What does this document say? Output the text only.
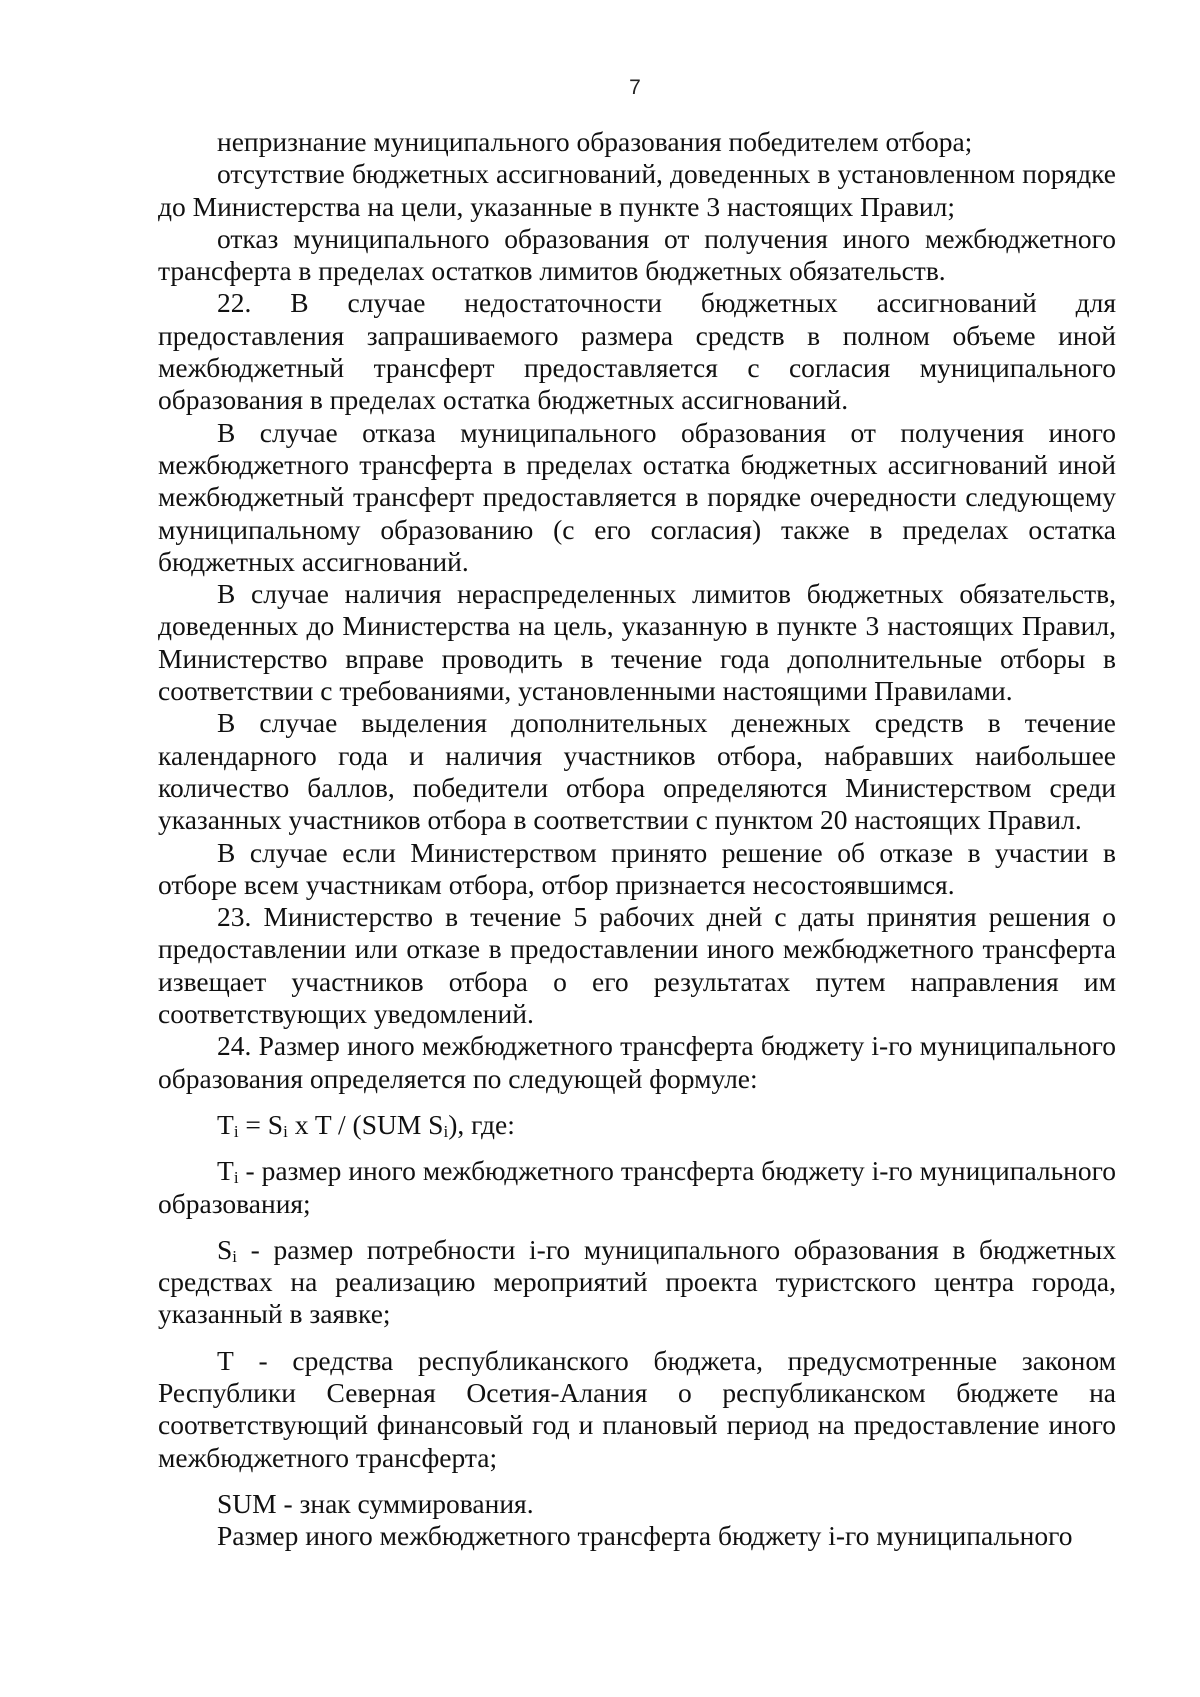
7

непризнание муниципального образования победителем отбора;

отсутствие бюджетных ассигнований, доведенных в установленном порядке до Министерства на цели, указанные в пункте 3 настоящих Правил;

отказ муниципального образования от получения иного межбюджетного трансферта в пределах остатков лимитов бюджетных обязательств.

22. В случае недостаточности бюджетных ассигнований для предоставления запрашиваемого размера средств в полном объеме иной межбюджетный трансферт предоставляется с согласия муниципального образования в пределах остатка бюджетных ассигнований.

В случае отказа муниципального образования от получения иного межбюджетного трансферта в пределах остатка бюджетных ассигнований иной межбюджетный трансферт предоставляется в порядке очередности следующему муниципальному образованию (с его согласия) также в пределах остатка бюджетных ассигнований.

В случае наличия нераспределенных лимитов бюджетных обязательств, доведенных до Министерства на цель, указанную в пункте 3 настоящих Правил, Министерство вправе проводить в течение года дополнительные отборы в соответствии с требованиями, установленными настоящими Правилами.

В случае выделения дополнительных денежных средств в течение календарного года и наличия участников отбора, набравших наибольшее количество баллов, победители отбора определяются Министерством среди указанных участников отбора в соответствии с пунктом 20 настоящих Правил.

В случае если Министерством принято решение об отказе в участии в отборе всем участникам отбора, отбор признается несостоявшимся.

23. Министерство в течение 5 рабочих дней с даты принятия решения о предоставлении или отказе в предоставлении иного межбюджетного трансферта извещает участников отбора о его результатах путем направления им соответствующих уведомлений.

24. Размер иного межбюджетного трансферта бюджету i-го муниципального образования определяется по следующей формуле:

$T_i = S_i$ x T / (SUM $S_i$), где:

$T_i$ - размер иного межбюджетного трансферта бюджету i-го муниципального образования;

$S_i$ - размер потребности i-го муниципального образования в бюджетных средствах на реализацию мероприятий проекта туристского центра города, указанный в заявке;

Т - средства республиканского бюджета, предусмотренные законом Республики Северная Осетия-Алания о республиканском бюджете на соответствующий финансовый год и плановый период на предоставление иного межбюджетного трансферта;

SUM - знак суммирования.

Размер иного межбюджетного трансферта бюджету i-го муниципального
